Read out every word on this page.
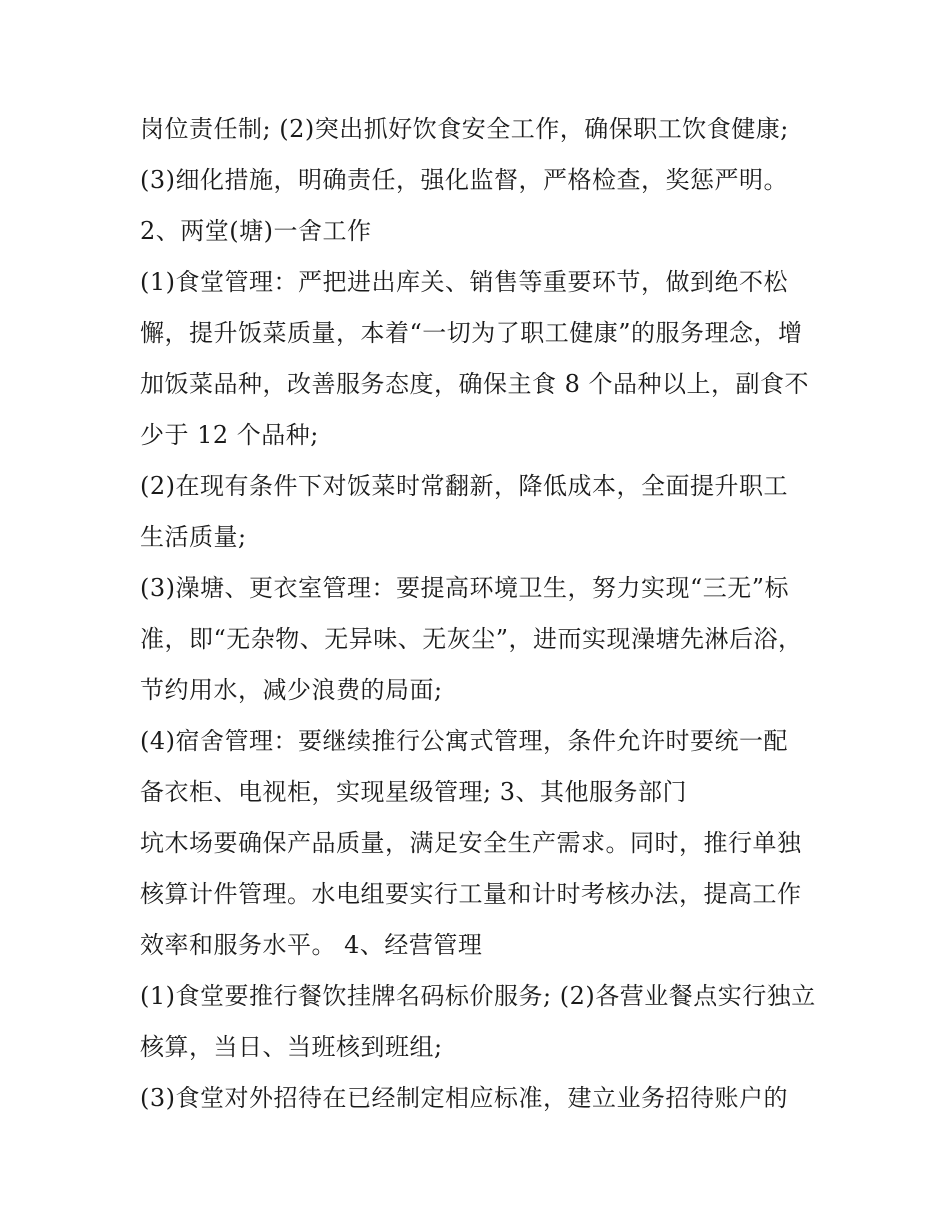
岗位责任制; (2)突出抓好饮食安全工作，确保职工饮食健康;
(3)细化措施，明确责任，强化监督，严格检查，奖惩严明。
2、两堂(塘)一舍工作
(1)食堂管理：严把进出库关、销售等重要环节，做到绝不松
懈，提升饭菜质量，本着“一切为了职工健康”的服务理念，增
加饭菜品种，改善服务态度，确保主食 8 个品种以上，副食不
少于 12 个品种;
(2)在现有条件下对饭菜时常翻新，降低成本，全面提升职工
生活质量;
(3)澡塘、更衣室管理：要提高环境卫生，努力实现“三无”标
准，即“无杂物、无异味、无灰尘”，进而实现澡塘先淋后浴，
节约用水，减少浪费的局面;
(4)宿舍管理：要继续推行公寓式管理，条件允许时要统一配
备衣柜、电视柜，实现星级管理; 3、其他服务部门
坑木场要确保产品质量，满足安全生产需求。同时，推行单独
核算计件管理。水电组要实行工量和计时考核办法，提高工作
效率和服务水平。 4、经营管理
(1)食堂要推行餐饮挂牌名码标价服务; (2)各营业餐点实行独立
核算，当日、当班核到班组;
(3)食堂对外招待在已经制定相应标准，建立业务招待账户的
